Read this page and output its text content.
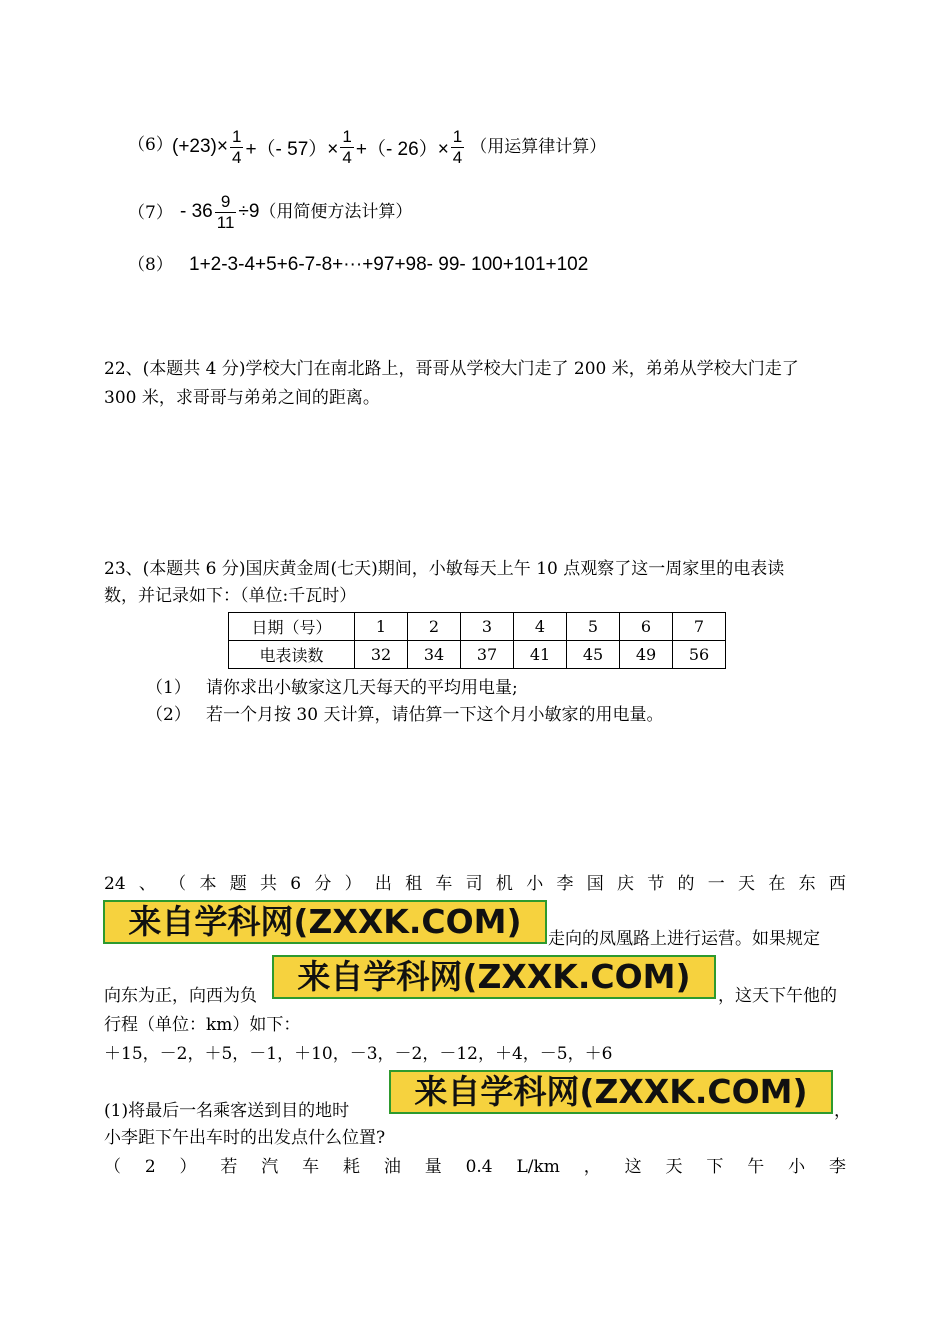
（6） $(+23)\times \frac{1}{4}$ +（- $57)\times \frac{1}{4}$ +（- $26)\times \frac{1}{4}$ （用运算律计算）
$(7) - 36 \frac{9}{11} \div 9$ （用简便方法计算）
（8） 1+2-3-4+5+6-7-8+···+97+98- 99- 100+101+102
22、(本题共 4 分)学校大门在南北路上，哥哥从学校大门走了 200 米，弟弟从学校大门走了
300 米，求哥哥与弟弟之间的距离。
23、(本题共 6 分)国庆黄金周(七天)期间，小敏每天上午 10 点观察了这一周家里的电表读
数，并记录如下：（单位:千瓦时）
日期（号）	1	2	3	4	5	6	7
电表读数	32	34	37	41	45	49	56
（1） 请你求出小敏家这几天每天的平均用电量;
（2） 若一个月按 30 天计算，请估算一下这个月小敏家的用电量。
24 、 （ 本 题 共 6 分 ） 出 租 车 司 机 小 李 国 庆 节 的 一 天 在 东 西
来自学科网(ZXXK.COM)	走向的凤凰路上进行运营。如果规定
向东为正，向西为负	来自学科网(ZXXK.COM)	，这天下午他的
行程（单位：km）如下：
＋15，－2，＋5，－1，＋10，－3，－2，－12，＋4，－5，＋6
(1)将最后一名乘客送到目的地时	来自学科网(ZXXK.COM)	，
小李距下午出车时的出发点什么位置?
（ 2 ） 若 汽 车 耗 油 量 0.4 L/km ， 这 天 下 午 小 李
